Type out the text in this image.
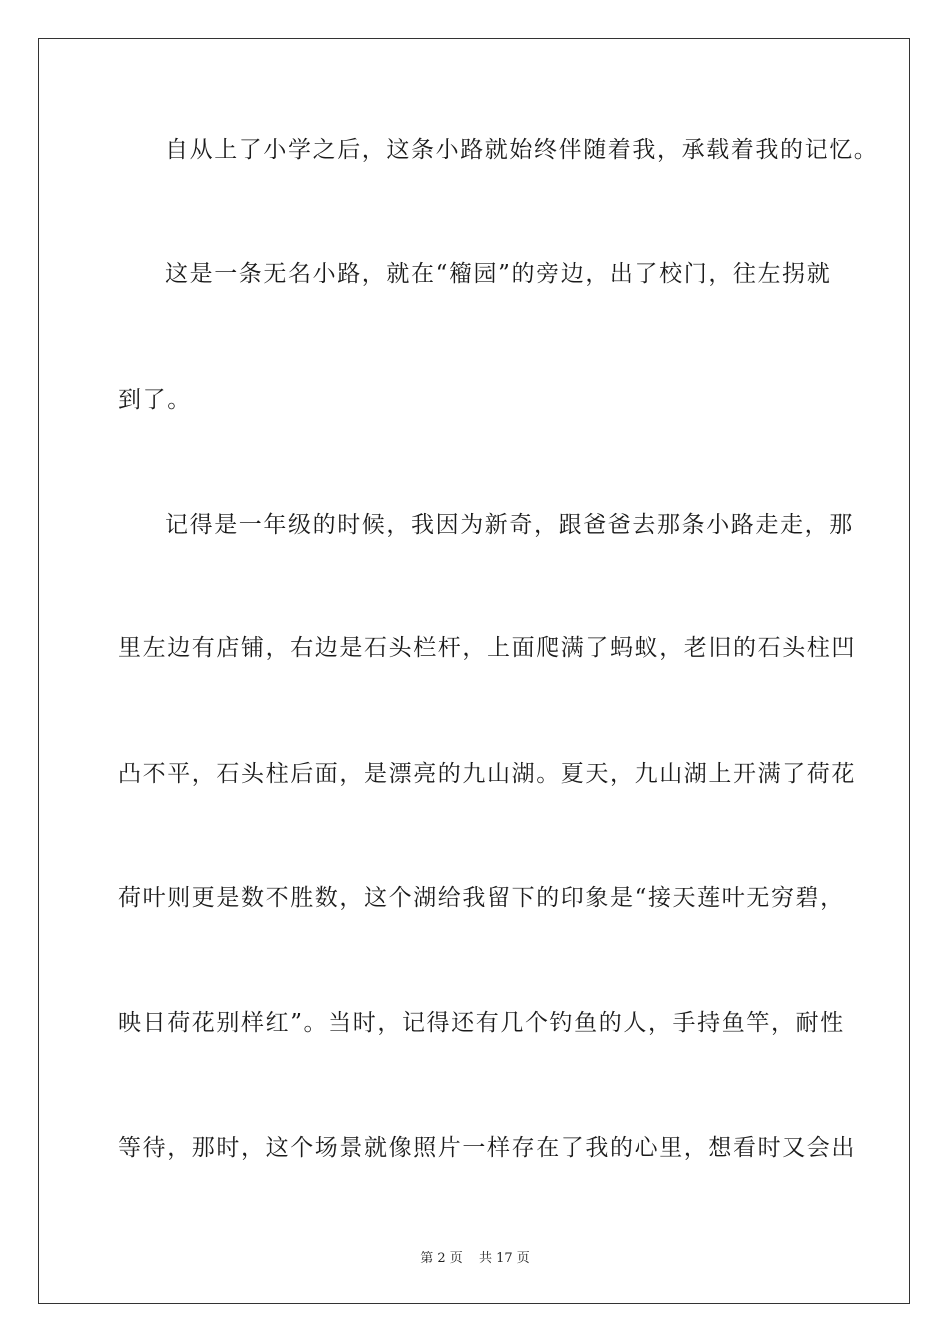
自从上了小学之后，这条小路就始终伴随着我，承载着我的记忆。
这是一条无名小路，就在“籕园”的旁边，出了校门，往左拐就
到了。
记得是一年级的时候，我因为新奇，跟爸爸去那条小路走走，那
里左边有店铺，右边是石头栏杆，上面爬满了蚂蚁，老旧的石头柱凹
凸不平，石头柱后面，是漂亮的九山湖。夏天，九山湖上开满了荷花
荷叶则更是数不胜数，这个湖给我留下的印象是“接天莲叶无穷碧，
映日荷花别样红”。当时，记得还有几个钓鱼的人，手持鱼竿，耐性
等待，那时，这个场景就像照片一样存在了我的心里，想看时又会出
第 2 页 共 17 页
